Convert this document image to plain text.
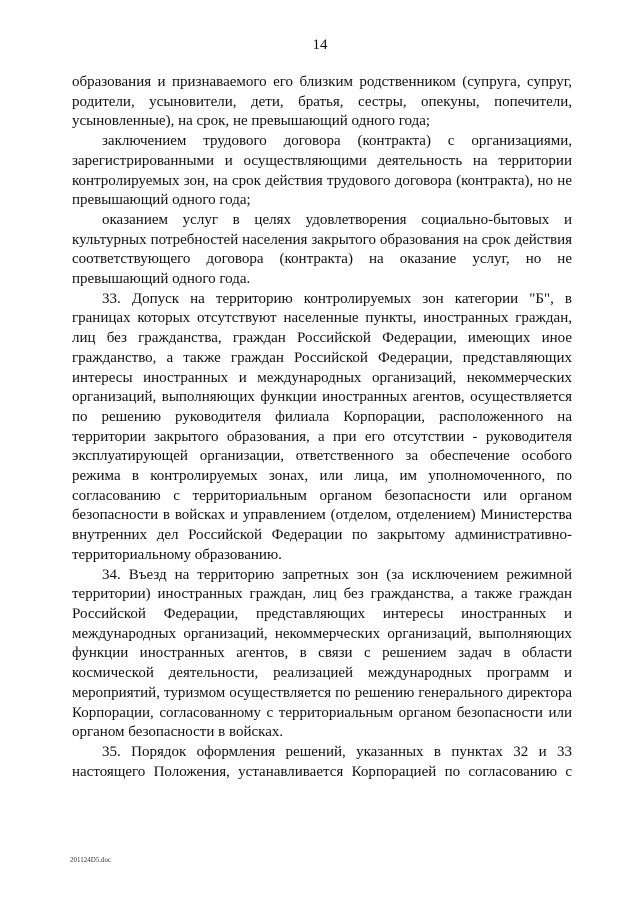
14

образования и признаваемого его близким родственником (супруга, супруг, родители, усыновители, дети, братья, сестры, опекуны, попечители, усыновленные), на срок, не превышающий одного года;

заключением трудового договора (контракта) с организациями, зарегистрированными и осуществляющими деятельность на территории контролируемых зон, на срок действия трудового договора (контракта), но не превышающий одного года;

оказанием услуг в целях удовлетворения социально-бытовых и культурных потребностей населения закрытого образования на срок действия соответствующего договора (контракта) на оказание услуг, но не превышающий одного года.

33. Допуск на территорию контролируемых зон категории "Б", в границах которых отсутствуют населенные пункты, иностранных граждан, лиц без гражданства, граждан Российской Федерации, имеющих иное гражданство, а также граждан Российской Федерации, представляющих интересы иностранных и международных организаций, некоммерческих организаций, выполняющих функции иностранных агентов, осуществляется по решению руководителя филиала Корпорации, расположенного на территории закрытого образования, а при его отсутствии - руководителя эксплуатирующей организации, ответственного за обеспечение особого режима в контролируемых зонах, или лица, им уполномоченного, по согласованию с территориальным органом безопасности или органом безопасности в войсках и управлением (отделом, отделением) Министерства внутренних дел Российской Федерации по закрытому административно-территориальному образованию.

34. Въезд на территорию запретных зон (за исключением режимной территории) иностранных граждан, лиц без гражданства, а также граждан Российской Федерации, представляющих интересы иностранных и международных организаций, некоммерческих организаций, выполняющих функции иностранных агентов, в связи с решением задач в области космической деятельности, реализацией международных программ и мероприятий, туризмом осуществляется по решению генерального директора Корпорации, согласованному с территориальным органом безопасности или органом безопасности в войсках.

35. Порядок оформления решений, указанных в пунктах 32 и 33 настоящего Положения, устанавливается Корпорацией по согласованию с

201124D5.doc
